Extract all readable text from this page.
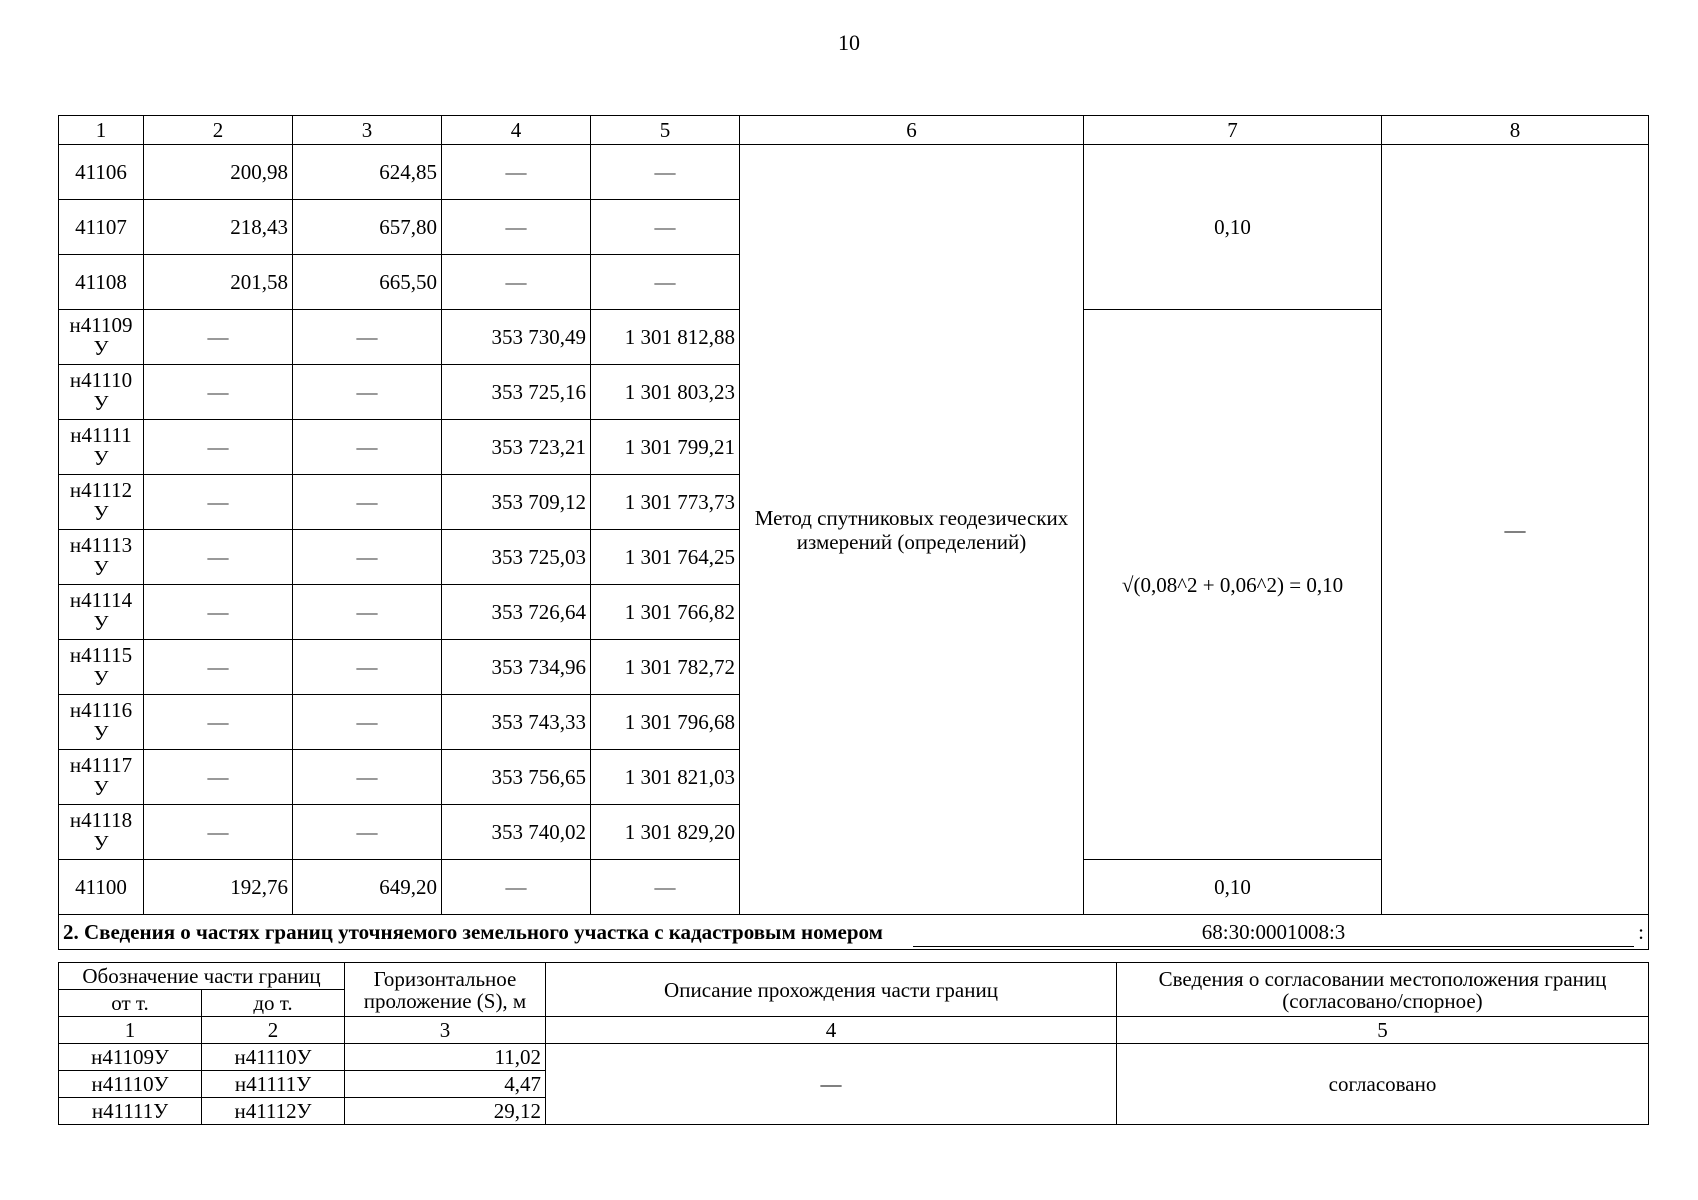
10
1	2	3	4	5	6	7	8
41106	200,98	624,85	—	—	Метод спутниковых геодезических измерений (определений)	0,10	—
41107	218,43	657,80	—	—			
41108	201,58	665,50	—	—			
н41109 У	—	—	353 730,49	1 301 812,88		√(0,08^2 + 0,06^2) = 0,10	
н41110 У	—	—	353 725,16	1 301 803,23			
н41111 У	—	—	353 723,21	1 301 799,21			
н41112 У	—	—	353 709,12	1 301 773,73			
н41113 У	—	—	353 725,03	1 301 764,25			
н41114 У	—	—	353 726,64	1 301 766,82			
н41115 У	—	—	353 734,96	1 301 782,72			
н41116 У	—	—	353 743,33	1 301 796,68			
н41117 У	—	—	353 756,65	1 301 821,03			
н41118 У	—	—	353 740,02	1 301 829,20			
41100	192,76	649,20	—	—		0,10	

2. Сведения о частях границ уточняемого земельного участка с кадастровым номером 68:30:0001008:3 :							
Обозначение части границ		Горизонтальное проложение (S), м	Описание прохождения части границ	Сведения о согласовании местоположения границ (согласовано/спорное)
от т.	до т.			
1	2	3	4	5
н41109У	н41110У	11,02	—	согласовано
н41110У	н41111У	4,47		
н41111У	н41112У	29,12		
